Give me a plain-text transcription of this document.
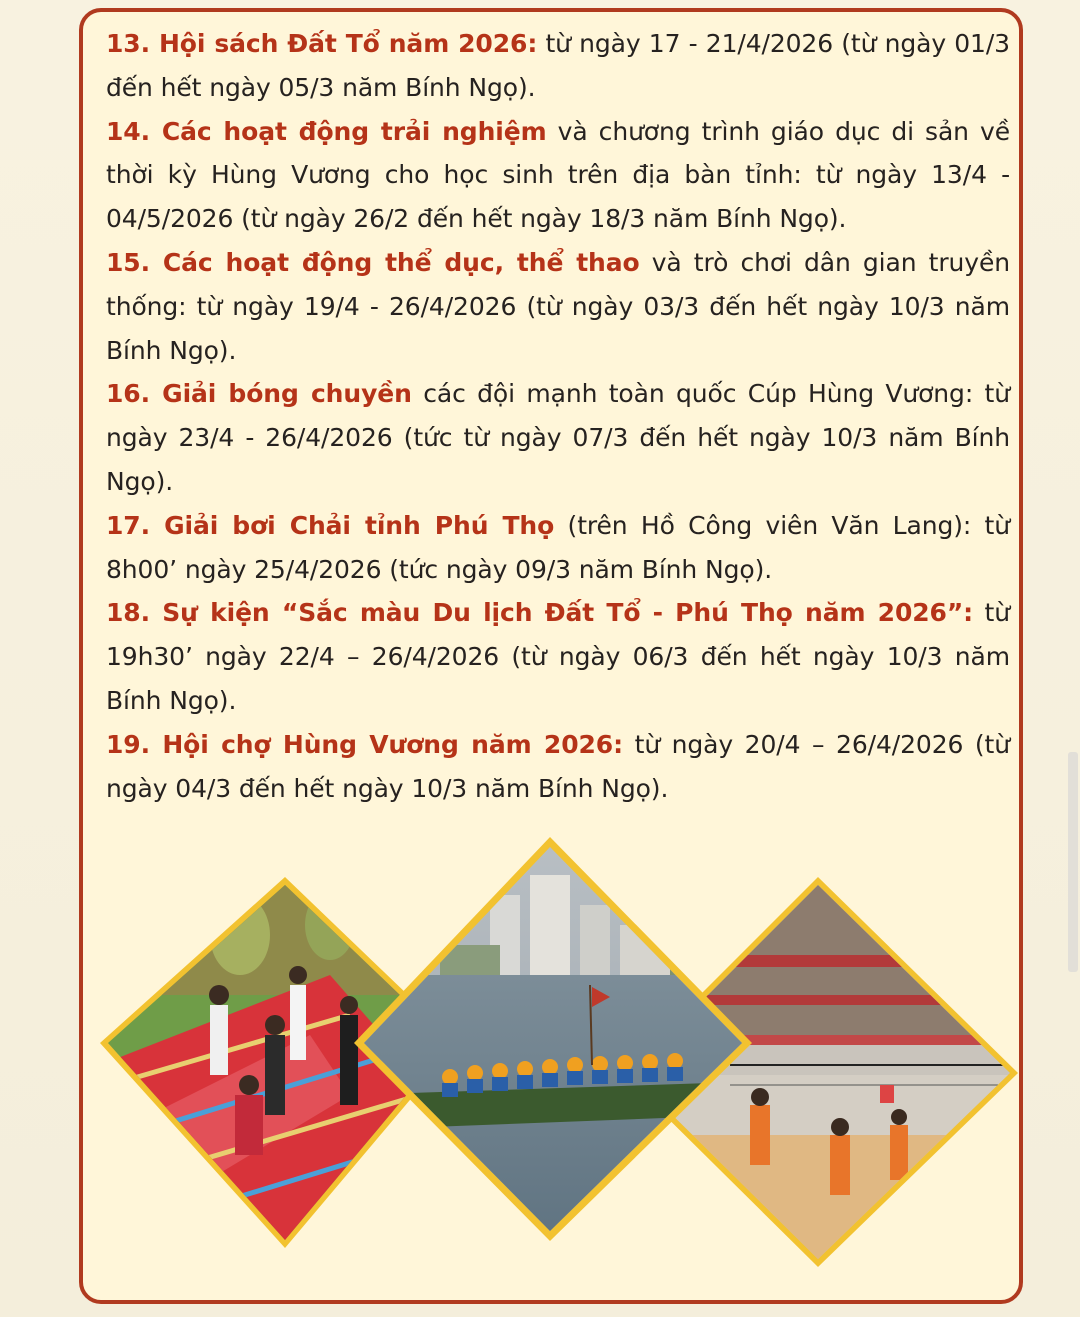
13. Hội sách Đất Tổ năm 2026: từ ngày 17 - 21/4/2026 (từ ngày 01/3 đến hết ngày 05/3 năm Bính Ngọ).

14. Các hoạt động trải nghiệm và chương trình giáo dục di sản về thời kỳ Hùng Vương cho học sinh trên địa bàn tỉnh: từ ngày 13/4 - 04/5/2026 (từ ngày 26/2 đến hết ngày 18/3 năm Bính Ngọ).

15. Các hoạt động thể dục, thể thao và trò chơi dân gian truyền thống: từ ngày 19/4 - 26/4/2026 (từ ngày 03/3 đến hết ngày 10/3 năm Bính Ngọ).

16. Giải bóng chuyền các đội mạnh toàn quốc Cúp Hùng Vương: từ ngày 23/4 - 26/4/2026 (tức từ ngày 07/3 đến hết ngày 10/3 năm Bính Ngọ).

17. Giải bơi Chải tỉnh Phú Thọ (trên Hồ Công viên Văn Lang): từ 8h00’ ngày 25/4/2026 (tức ngày 09/3 năm Bính Ngọ).

18. Sự kiện “Sắc màu Du lịch Đất Tổ - Phú Thọ năm 2026”: từ 19h30’ ngày 22/4 – 26/4/2026 (từ ngày 06/3 đến hết ngày 10/3 năm Bính Ngọ).

19. Hội chợ Hùng Vương năm 2026: từ ngày 20/4 – 26/4/2026 (từ ngày 04/3 đến hết ngày 10/3 năm Bính Ngọ).
